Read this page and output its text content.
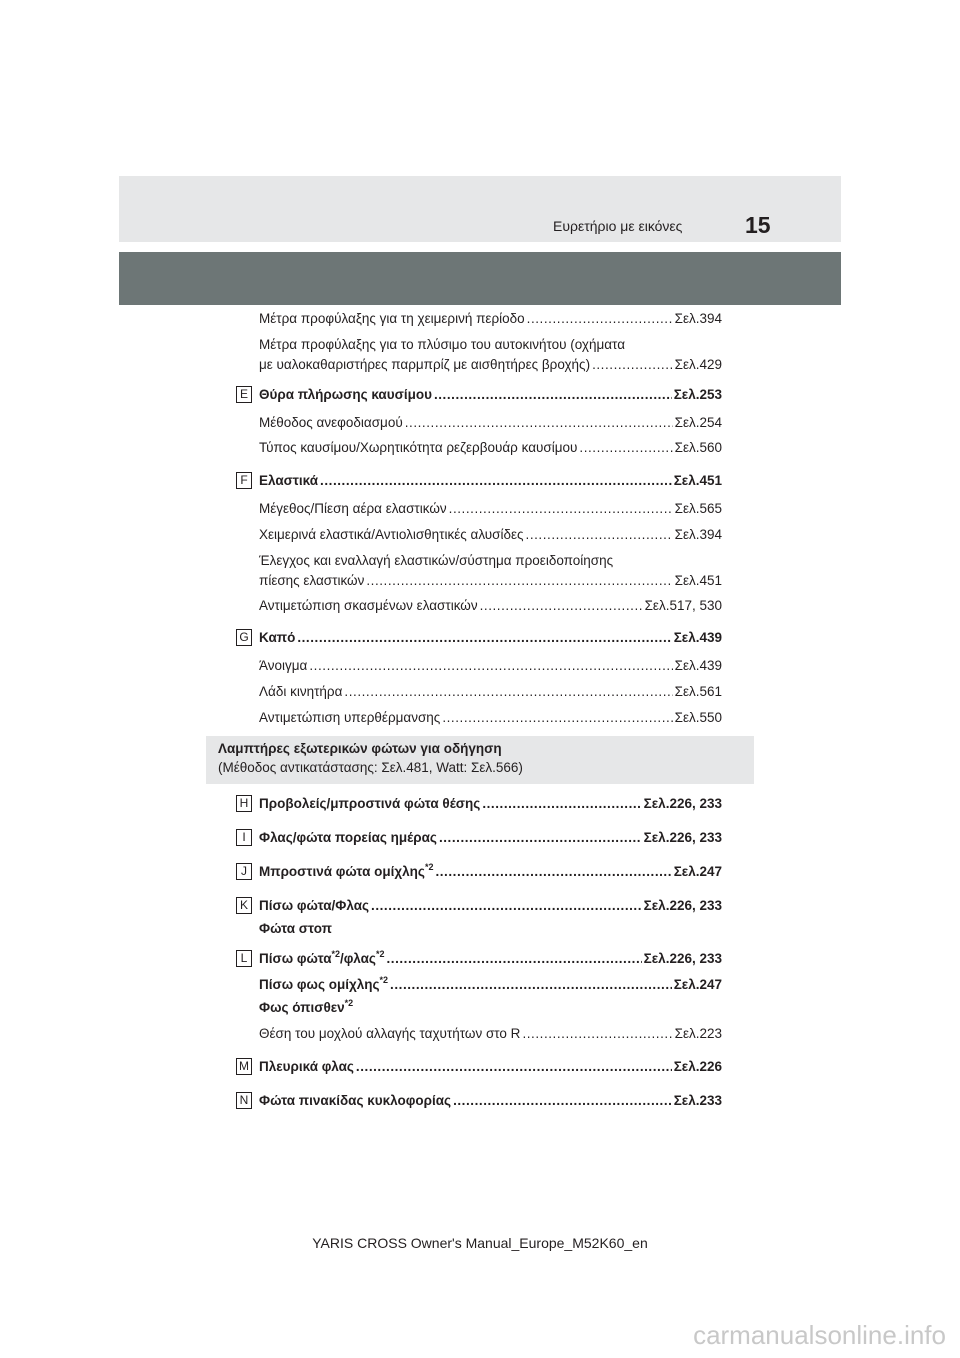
Ευρετήριο με εικόνες	15
Μέτρα προφύλαξης για τη χειμερινή περίοδο . . .	Σελ.394
Μέτρα προφύλαξης για το πλύσιμο του αυτοκινήτου (οχήματα
με υαλοκαθαριστήρες παρμπρίζ με αισθητήρες βροχής) . . .	Σελ.429
E Θύρα πλήρωσης καυσίμου . . .	Σελ.253
Μέθοδος ανεφοδιασμού . . .	Σελ.254
Τύπος καυσίμου/Χωρητικότητα ρεζερβουάρ καυσίμου . . .	Σελ.560
F Ελαστικά . . .	Σελ.451
Μέγεθος/Πίεση αέρα ελαστικών . . .	Σελ.565
Χειμερινά ελαστικά/Αντιολισθητικές αλυσίδες . . .	Σελ.394
Έλεγχος και εναλλαγή ελαστικών/σύστημα προειδοποίησης
πίεσης ελαστικών . . .	Σελ.451
Αντιμετώπιση σκασμένων ελαστικών . . .	Σελ.517, 530
G Καπό . . .	Σελ.439
Άνοιγμα . . .	Σελ.439
Λάδι κινητήρα . . .	Σελ.561
Αντιμετώπιση υπερθέρμανσης . . .	Σελ.550
Λαμπτήρες εξωτερικών φώτων για οδήγηση
(Μέθοδος αντικατάστασης: Σελ.481, Watt: Σελ.566)
H Προβολείς/μπροστινά φώτα θέσης . . .	Σελ.226, 233
I Φλας/φώτα πορείας ημέρας . . .	Σελ.226, 233
J Μπροστινά φώτα ομίχλης$^{*2}$ . . .	Σελ.247
K Πίσω φώτα/Φλας . . .	Σελ.226, 233
Φώτα στοπ
L Πίσω φώτα$^{*2}$/φλας$^{*2}$ . . .	Σελ.226, 233
Πίσω φως ομίχλης$^{*2}$ . . .	Σελ.247
Φως όπισθεν$^{*2}$
Θέση του μοχλού αλλαγής ταχυτήτων στο R . . .	Σελ.223
M Πλευρικά φλας . . .	Σελ.226
N Φώτα πινακίδας κυκλοφορίας . . .	Σελ.233
YARIS CROSS Owner's Manual_Europe_M52K60_en
carmanualsonline.info
